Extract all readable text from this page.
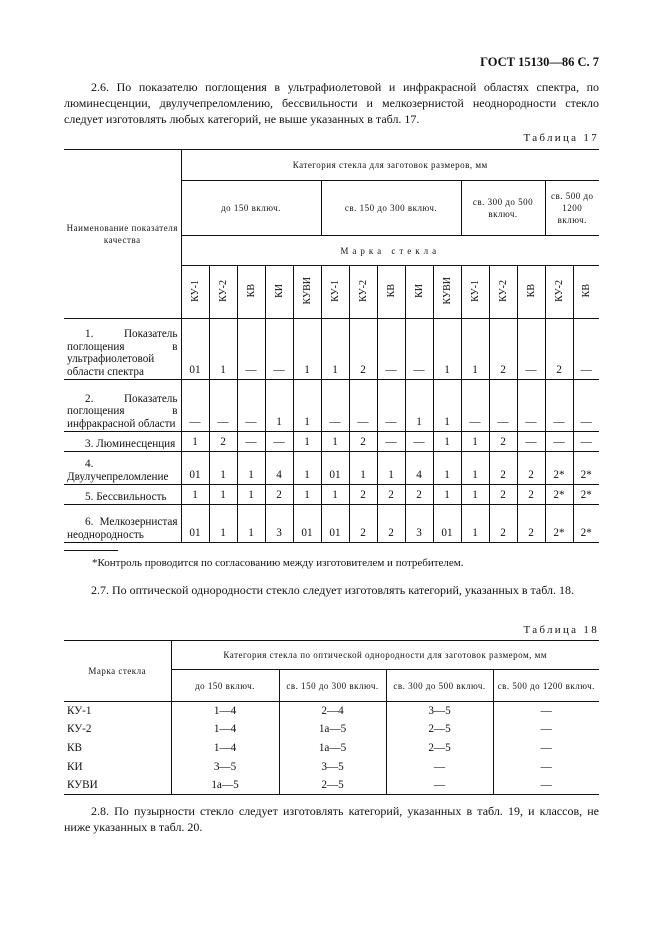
ГОСТ 15130—86 С. 7
2.6. По показателю поглощения в ультрафиолетовой и инфракрасной областях спектра, по люминесценции, двулучепреломлению, бессвильности и мелкозернистой неоднородности стекло следует изготовлять любых категорий, не выше указанных в табл. 17.
Таблица 17
Наименование показателя качества	Категория стекла для заготовок размеров, мм														
	до 150 включ.					св. 150 до 300 включ.					св. 300 до 500 включ.			св. 500 до 1200 включ.	
	Марка стекла														
	КУ-1	КУ-2	КВ	КИ	КУВИ	КУ-1	КУ-2	КВ	КИ	КУВИ	КУ-1	КУ-2	КВ	КУ-2	КВ
1. Показатель поглощения в ультрафиолетовой области спектра	01	1	—	—	1	1	2	—	—	1	1	2	—	2	—
2. Показатель поглощения в инфракрасной области	—	—	—	1	1	—	—	—	1	1	—	—	—	—	—
3. Люминесценция	1	2	—	—	1	1	2	—	—	1	1	2	—	—	—
4. Двулучепреломление	01	1	1	4	1	01	1	1	4	1	1	2	2	2*	2*
5. Бессвильность	1	1	1	2	1	1	2	2	2	1	1	2	2	2*	2*
6. Мелкозернистая неоднородность	01	1	1	3	01	01	2	2	3	01	1	2	2	2*	2*
*Контроль проводится по согласованию между изготовителем и потребителем.
2.7. По оптической однородности стекло следует изготовлять категорий, указанных в табл. 18.
Таблица 18
Марка стекла	Категория стекла по оптической однородности для заготовок размером, мм			
	до 150 включ.	св. 150 до 300 включ.	св. 300 до 500 включ.	св. 500 до 1200 включ.
КУ-1	1—4	2—4	3—5	—
КУ-2	1—4	1а—5	2—5	—
КВ	1—4	1а—5	2—5	—
КИ	3—5	3—5	—	—
КУВИ	1а—5	2—5	—	—
2.8. По пузырности стекло следует изготовлять категорий, указанных в табл. 19, и классов, не ниже указанных в табл. 20.
